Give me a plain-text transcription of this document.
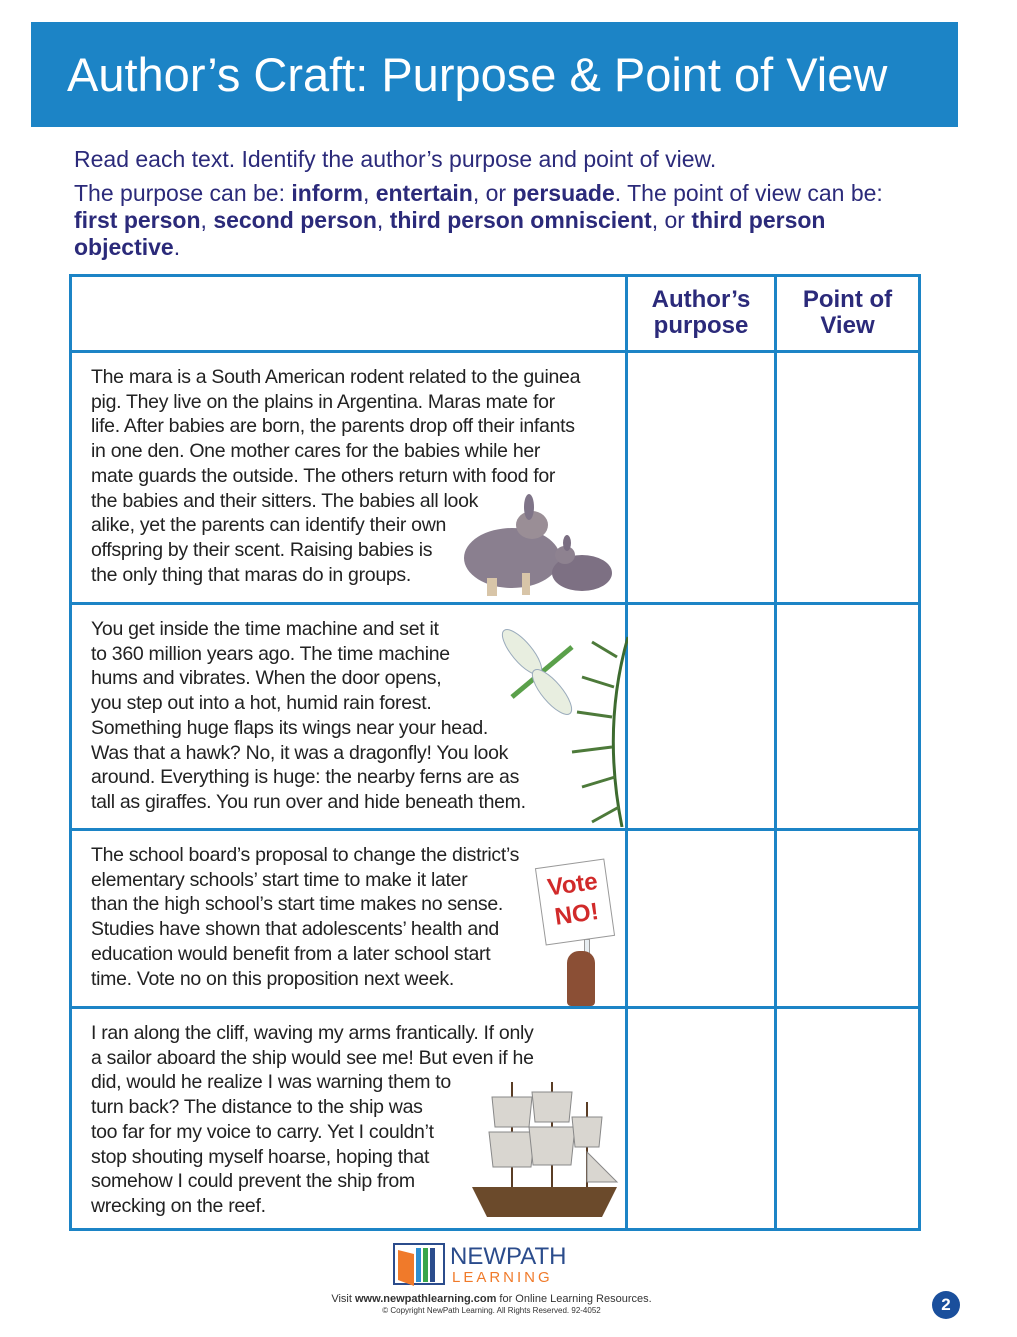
Author’s Craft: Purpose & Point of View

Read each text. Identify the author’s purpose and point of view.

The purpose can be: inform, entertain, or persuade. The point of view can be: first person, second person, third person omniscient, or third person objective.

Author’s purpose
Point of View
The mara is a South American rodent related to the guinea
pig. They live on the plains in Argentina. Maras mate for
life. After babies are born, the parents drop off their infants
in one den. One mother cares for the babies while her
mate guards the outside. The others return with food for
the babies and their sitters. The babies all look
alike, yet the parents can identify their own
offspring by their scent. Raising babies is
the only thing that maras do in groups.
You get inside the time machine and set it
to 360 million years ago. The time machine
hums and vibrates. When the door opens,
you step out into a hot, humid rain forest.
Something huge flaps its wings near your head.
Was that a hawk? No, it was a dragonfly! You look
around. Everything is huge: the nearby ferns are as
tall as giraffes. You run over and hide beneath them.
The school board’s proposal to change the district’s
elementary schools’ start time to make it later
than the high school’s start time makes no sense.
Studies have shown that adolescents’ health and
education would benefit from a later school start
time. Vote no on this proposition next week.
Vote
NO!
I ran along the cliff, waving my arms frantically. If only
a sailor aboard the ship would see me! But even if he
did, would he realize I was warning them to
turn back? The distance to the ship was
too far for my voice to carry. Yet I couldn’t
stop shouting myself hoarse, hoping that
somehow I could prevent the ship from
wrecking on the reef.
NEWPATH
LEARNING
Visit www.newpathlearning.com for Online Learning Resources.
© Copyright NewPath Learning. All Rights Reserved. 92-4052	2
